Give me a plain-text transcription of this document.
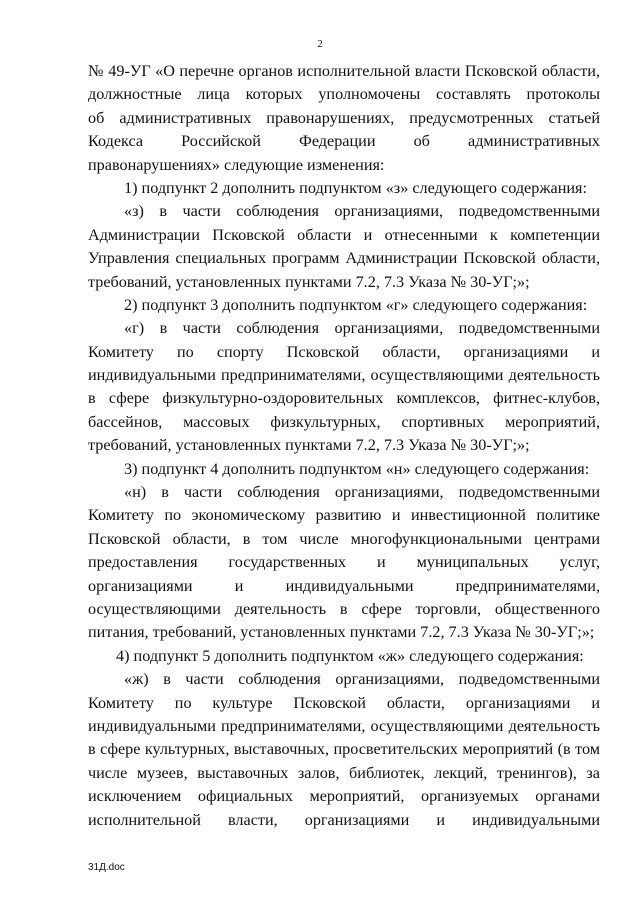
2
№ 49-УГ «О перечне органов исполнительной власти Псковской области,
должностные лица которых уполномочены составлять протоколы
об административных правонарушениях, предусмотренных статьей
Кодекса Российской Федерации об административных
правонарушениях» следующие изменения:
1) подпункт 2 дополнить подпунктом «з» следующего содержания:
«з) в части соблюдения организациями, подведомственными
Администрации Псковской области и отнесенными к компетенции
Управления специальных программ Администрации Псковской области,
требований, установленных пунктами 7.2, 7.3 Указа № 30-УГ;»;
2) подпункт 3 дополнить подпунктом «г» следующего содержания:
«г) в части соблюдения организациями, подведомственными
Комитету по спорту Псковской области, организациями и
индивидуальными предпринимателями, осуществляющими деятельность
в сфере физкультурно-оздоровительных комплексов, фитнес-клубов,
бассейнов, массовых физкультурных, спортивных мероприятий,
требований, установленных пунктами 7.2, 7.3 Указа № 30-УГ;»;
3) подпункт 4 дополнить подпунктом «н» следующего содержания:
«н) в части соблюдения организациями, подведомственными
Комитету по экономическому развитию и инвестиционной политике
Псковской области, в том числе многофункциональными центрами
предоставления государственных и муниципальных услуг,
организациями и индивидуальными предпринимателями,
осуществляющими деятельность в сфере торговли, общественного
питания, требований, установленных пунктами 7.2, 7.3 Указа № 30-УГ;»;
4) подпункт 5 дополнить подпунктом «ж» следующего содержания:
«ж) в части соблюдения организациями, подведомственными
Комитету по культуре Псковской области, организациями и
индивидуальными предпринимателями, осуществляющими деятельность
в сфере культурных, выставочных, просветительских мероприятий (в том
числе музеев, выставочных залов, библиотек, лекций, тренингов), за
исключением официальных мероприятий, организуемых органами
исполнительной власти, организациями и индивидуальными
31Д.doc
